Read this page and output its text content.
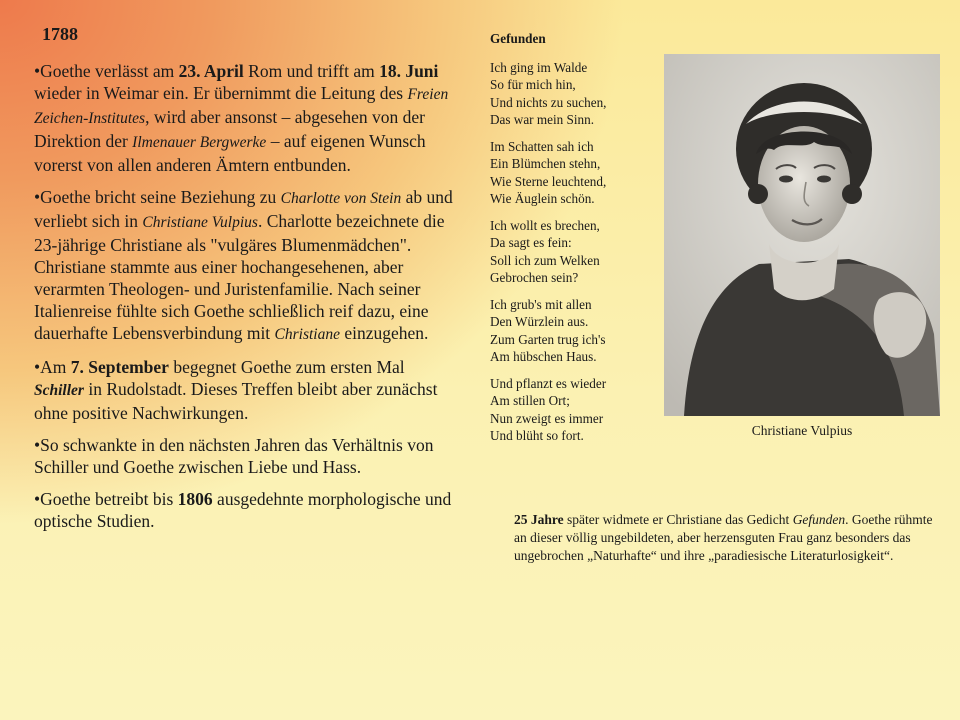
1788

•Goethe verlässt am 23. April Rom und trifft am 18. Juni wieder in Weimar ein. Er übernimmt die Leitung des Freien Zeichen-Institutes, wird aber ansonst – abgesehen von der Direktion der Ilmenauer Bergwerke – auf eigenen Wunsch vorerst von allen anderen Ämtern entbunden.

•Goethe bricht seine Beziehung zu Charlotte von Stein ab und verliebt sich in Christiane Vulpius. Charlotte bezeichnete die 23-jährige Christiane als "vulgäres Blumenmädchen". Christiane stammte aus einer hochangesehenen, aber verarmten Theologen- und Juristenfamilie. Nach seiner Italienreise fühlte sich Goethe schließlich reif dazu, eine dauerhafte Lebensverbindung mit Christiane einzugehen.

•Am 7. September begegnet Goethe zum ersten Mal Schiller in Rudolstadt. Dieses Treffen bleibt aber zunächst ohne positive Nachwirkungen.

•So schwankte in den nächsten Jahren das Verhältnis von Schiller und Goethe zwischen Liebe und Hass.

•Goethe betreibt bis 1806 ausgedehnte morphologische und optische Studien.

Gefunden
Ich ging im Walde
So für mich hin,
Und nichts zu suchen,
Das war mein Sinn.
Im Schatten sah ich
Ein Blümchen stehn,
Wie Sterne leuchtend,
Wie Äuglein schön.
Ich wollt es brechen,
Da sagt es fein:
Soll ich zum Welken
Gebrochen sein?
Ich grub's mit allen
Den Würzlein aus.
Zum Garten trug ich's
Am hübschen Haus.
Und pflanzt es wieder
Am stillen Ort;
Nun zweigt es immer
Und blüht so fort.	Christiane Vulpius
25 Jahre später widmete er Christiane das Gedicht Gefunden. Goethe rühmte an dieser völlig ungebildeten, aber herzensguten Frau ganz besonders das ungebrochen „Naturhafte“ und ihre „paradiesische Literaturlosigkeit“.
